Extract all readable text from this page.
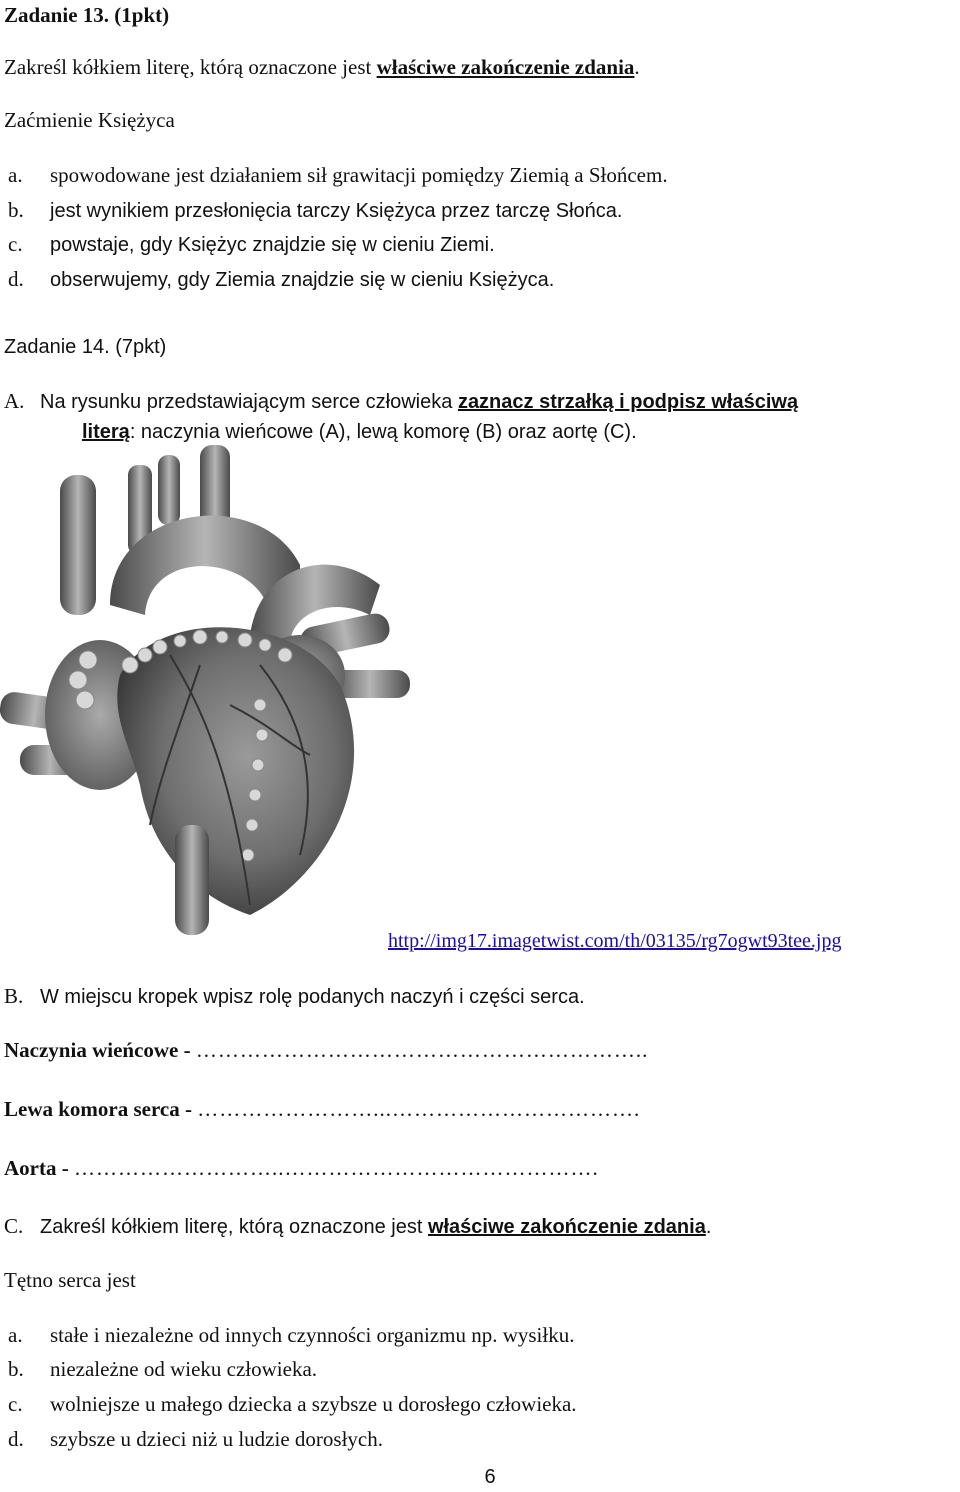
Zadanie 13. (1pkt)
Zakreśl kółkiem literę, którą oznaczone jest właściwe zakończenie zdania.
Zaćmienie Księżyca
a. spowodowane jest działaniem sił grawitacji pomiędzy Ziemią a Słońcem.
b. jest wynikiem przesłonięcia tarczy Księżyca przez tarczę Słońca.
c. powstaje, gdy Księżyc znajdzie się w cieniu Ziemi.
d. obserwujemy, gdy Ziemia znajdzie się w cieniu Księżyca.
Zadanie 14. (7pkt)
A. Na rysunku przedstawiającym serce człowieka zaznacz strzałką i podpisz właściwą
literą: naczynia wieńcowe (A), lewą komorę (B) oraz aortę (C).
http://img17.imagetwist.com/th/03135/rg7ogwt93tee.jpg
B. W miejscu kropek wpisz rolę podanych naczyń i części serca.
Naczynia wieńcowe - ……………………………………………………..
Lewa komora serca - ……………………...…………………………….
Aorta - ………………………..…………………………………….
C. Zakreśl kółkiem literę, którą oznaczone jest właściwe zakończenie zdania.
Tętno serca jest
a. stałe i niezależne od innych czynności organizmu np. wysiłku.
b. niezależne od wieku człowieka.
c. wolniejsze u małego dziecka a szybsze u dorosłego człowieka.
d. szybsze u dzieci niż u ludzie dorosłych.
6
